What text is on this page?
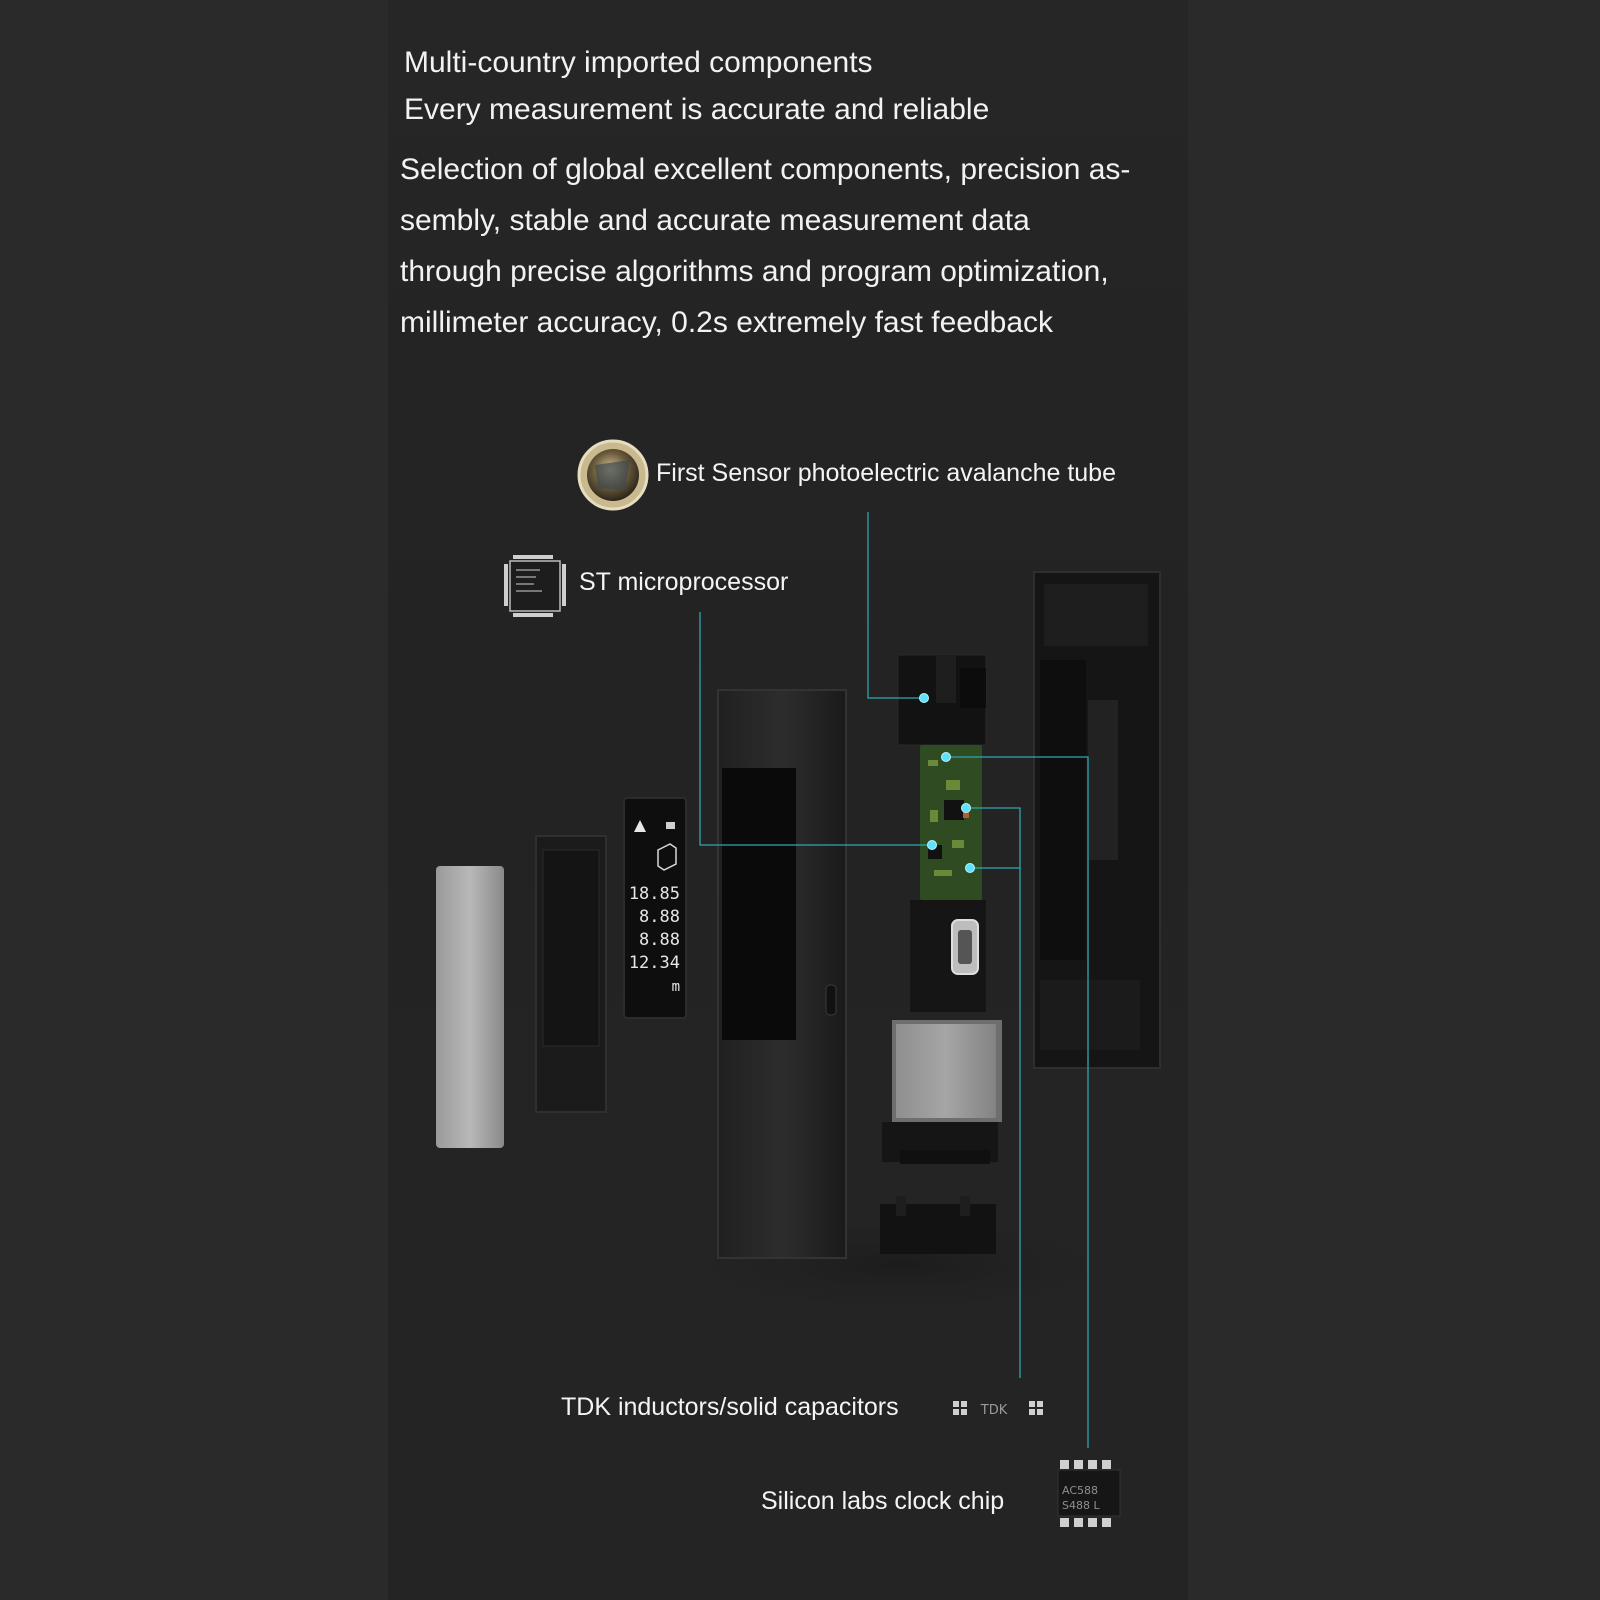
Multi-country imported components
Every measurement is accurate and reliable
Selection of global excellent components, precision as-
sembly, stable and accurate measurement data
through precise algorithms and program optimization,
millimeter accuracy, 0.2s extremely fast feedback
18.85
8.88
8.88
12.34
m
TDK
AC588
S488 L
First Sensor photoelectric avalanche tube
ST microprocessor
TDK inductors/solid capacitors
Silicon labs clock chip
